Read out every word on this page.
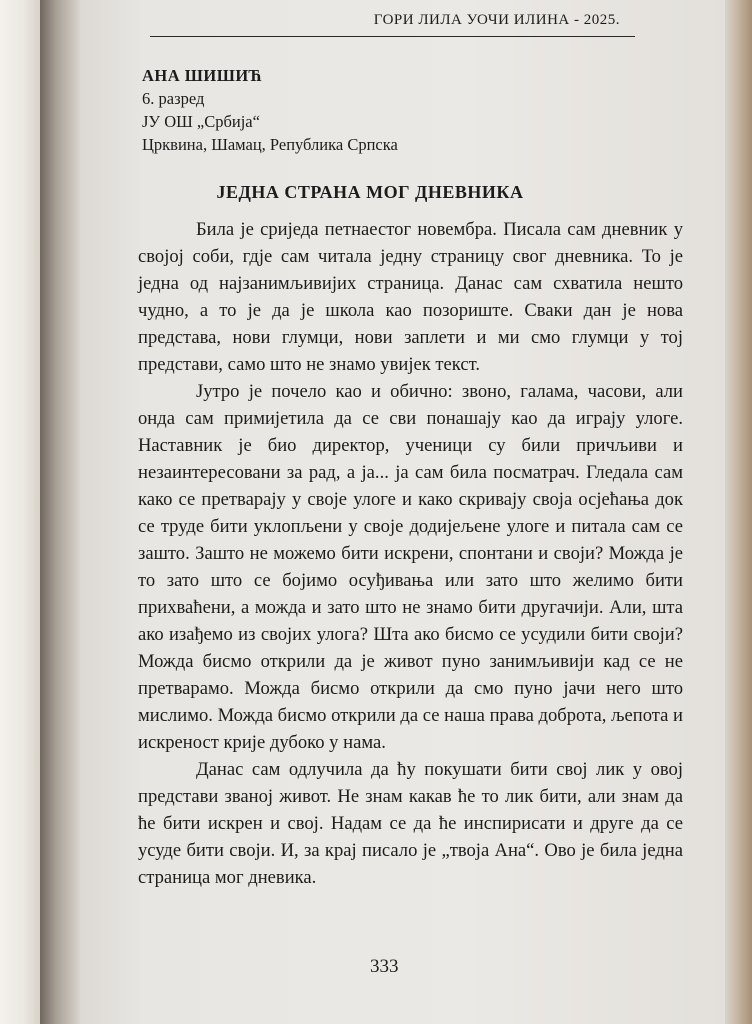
ГОРИ ЛИЛА УОЧИ ИЛИНА - 2025.
АНА ШИШИЋ
6. разред
ЈУ ОШ „Србија“
Црквина, Шамац, Република Српска
ЈЕДНА СТРАНА МОГ ДНЕВНИКА

Била је сриједа петнаестог новембра. Писала сам дневник у својој соби, гдје сам читала једну страницу свог дневника. То је једна од најзанимљивијих страница. Данас сам схватила нешто чудно, а то је да је школа као позориште. Сваки дан је нова представа, нови глумци, нови заплети и ми смо глумци у тој представи, само што не знамо увијек текст.

Јутро је почело као и обично: звоно, галама, часови, али онда сам примијетила да се сви понашају као да играју улоге. Наставник је био директор, ученици су били причљиви и незаинтересовани за рад, а ја... ја сам била посматрач. Гледала сам како се претварају у своје улоге и како скривају своја осјећања док се труде бити уклопљени у своје додијељене улоге и питала сам се зашто. Зашто не можемо бити искрени, спонтани и своји? Можда је то зато што се бојимо осуђивања или зато што желимо бити прихваћени, а можда и зато што не знамо бити другачији. Али, шта ако изађемо из својих улога? Шта ако бисмо се усудили бити своји? Можда бисмо открили да је живот пуно занимљивији кад се не претварамо. Можда бисмо открили да смо пуно јачи него што мислимо. Можда бисмо открили да се наша права доброта, љепота и искреност крије дубоко у нама.

Данас сам одлучила да ћу покушати бити свој лик у овој представи званој живот. Не знам какав ће то лик бити, али знам да ће бити искрен и свој. Надам се да ће инспирисати и друге да се усуде бити своји. И, за крај писало је „твоја Ана“. Ово је била једна страница мог дневика.

333
